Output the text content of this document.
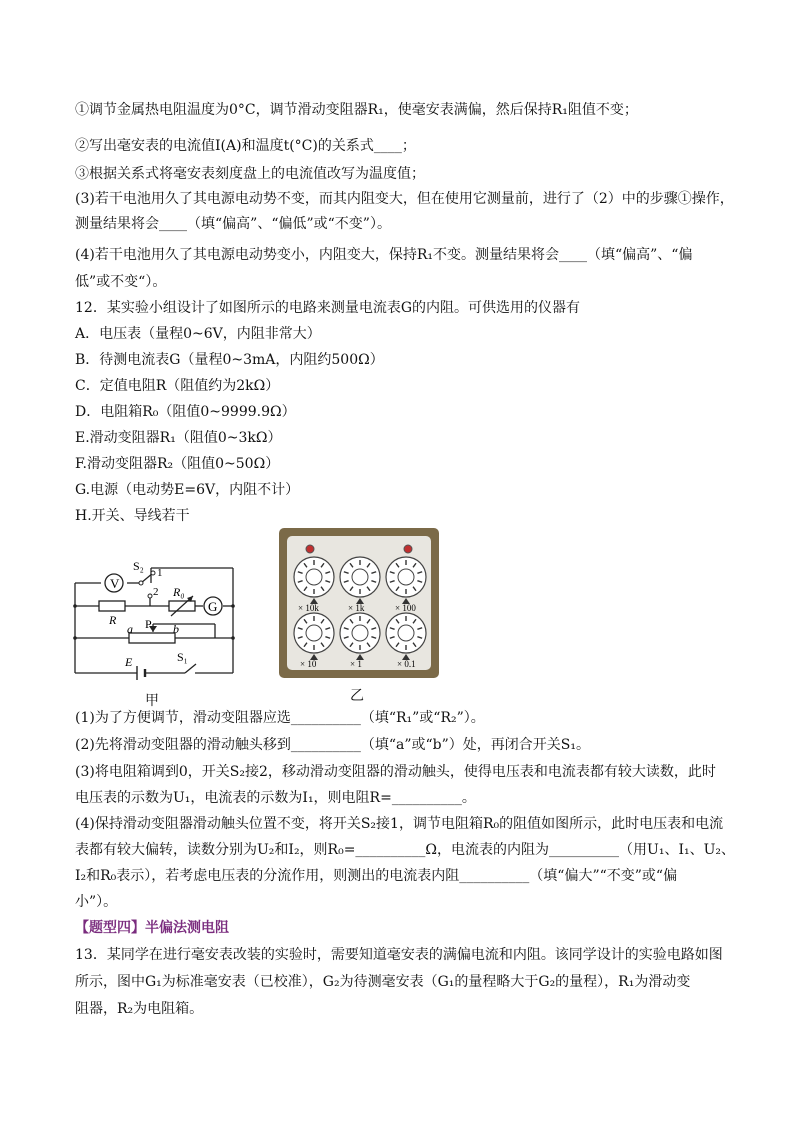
①调节金属热电阻温度为0°C，调节滑动变阻器R₁，使毫安表满偏，然后保持R₁阻值不变；
②写出毫安表的电流值I(A)和温度t(°C)的关系式____；
③根据关系式将毫安表刻度盘上的电流值改写为温度值；
(3)若干电池用久了其电源电动势不变，而其内阻变大，但在使用它测量前，进行了（2）中的步骤①操作，
测量结果将会____（填“偏高”、“偏低”或“不变”）。
(4)若干电池用久了其电源电动势变小，内阻变大，保持R₁不变。测量结果将会____（填“偏高”、“偏
低”或不变“）。
12．某实验小组设计了如图所示的电路来测量电流表G的内阻。可供选用的仪器有
A．电压表（量程0~6V，内阻非常大）
B．待测电流表G（量程0~3mA，内阻约500Ω）
C．定值电阻R（阻值约为2kΩ）
D．电阻箱R₀（阻值0~9999.9Ω）
E.滑动变阻器R₁（阻值0~3kΩ）
F.滑动变阻器R₂（阻值0~50Ω）
G.电源（电动势E=6V，内阻不计）
H.开关、导线若干
V
G
S₂ 1
2
R
R₀
P
a	b
E	S₁
甲
× 10k	× 1k	× 100
× 10	× 1	× 0.1
乙
(1)为了方便调节，滑动变阻器应选__________（填“R₁”或“R₂”）。
(2)先将滑动变阻器的滑动触头移到__________（填“a”或“b”）处，再闭合开关S₁。
(3)将电阻箱调到0，开关S₂接2，移动滑动变阻器的滑动触头，使得电压表和电流表都有较大读数，此时
电压表的示数为U₁，电流表的示数为I₁，则电阻R=__________。
(4)保持滑动变阻器滑动触头位置不变，将开关S₂接1，调节电阻箱R₀的阻值如图所示，此时电压表和电流
表都有较大偏转，读数分别为U₂和I₂，则R₀=__________Ω，电流表的内阻为__________（用U₁、I₁、U₂、
I₂和R₀表示），若考虑电压表的分流作用，则测出的电流表内阻__________（填“偏大”“不变”或“偏
小”）。
【题型四】半偏法测电阻
13．某同学在进行毫安表改装的实验时，需要知道毫安表的满偏电流和内阻。该同学设计的实验电路如图
所示，图中G₁为标准毫安表（已校准），G₂为待测毫安表（G₁的量程略大于G₂的量程），R₁为滑动变
阻器，R₂为电阻箱。
